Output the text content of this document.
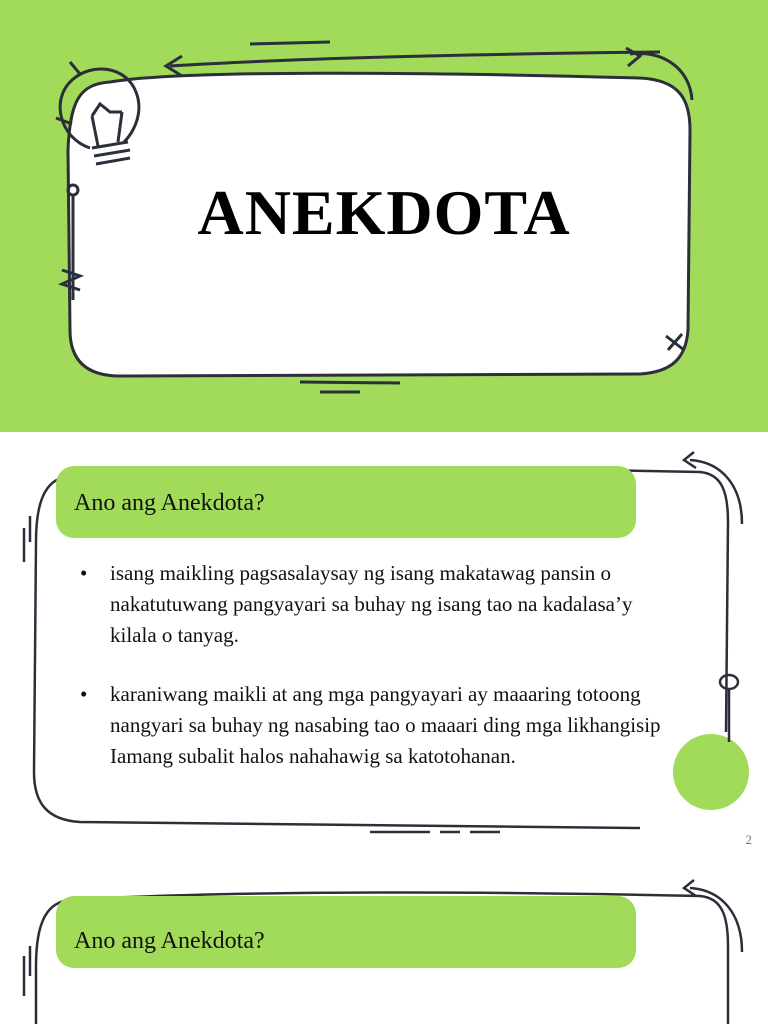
ANEKDOTA
Ano ang Anekdota?
• isang maikling pagsasalaysay ng isang makatawag pansin o nakatutuwang pangyayari sa buhay ng isang tao na kadalasa’y kilala o tanyag.
• karaniwang maikli at ang mga pangyayari ay maaaring totoong nangyari sa buhay ng nasabing tao o maaari ding mga likhangisip Iamang subalit halos nahahawig sa katotohanan.
2
Ano ang Anekdota?
